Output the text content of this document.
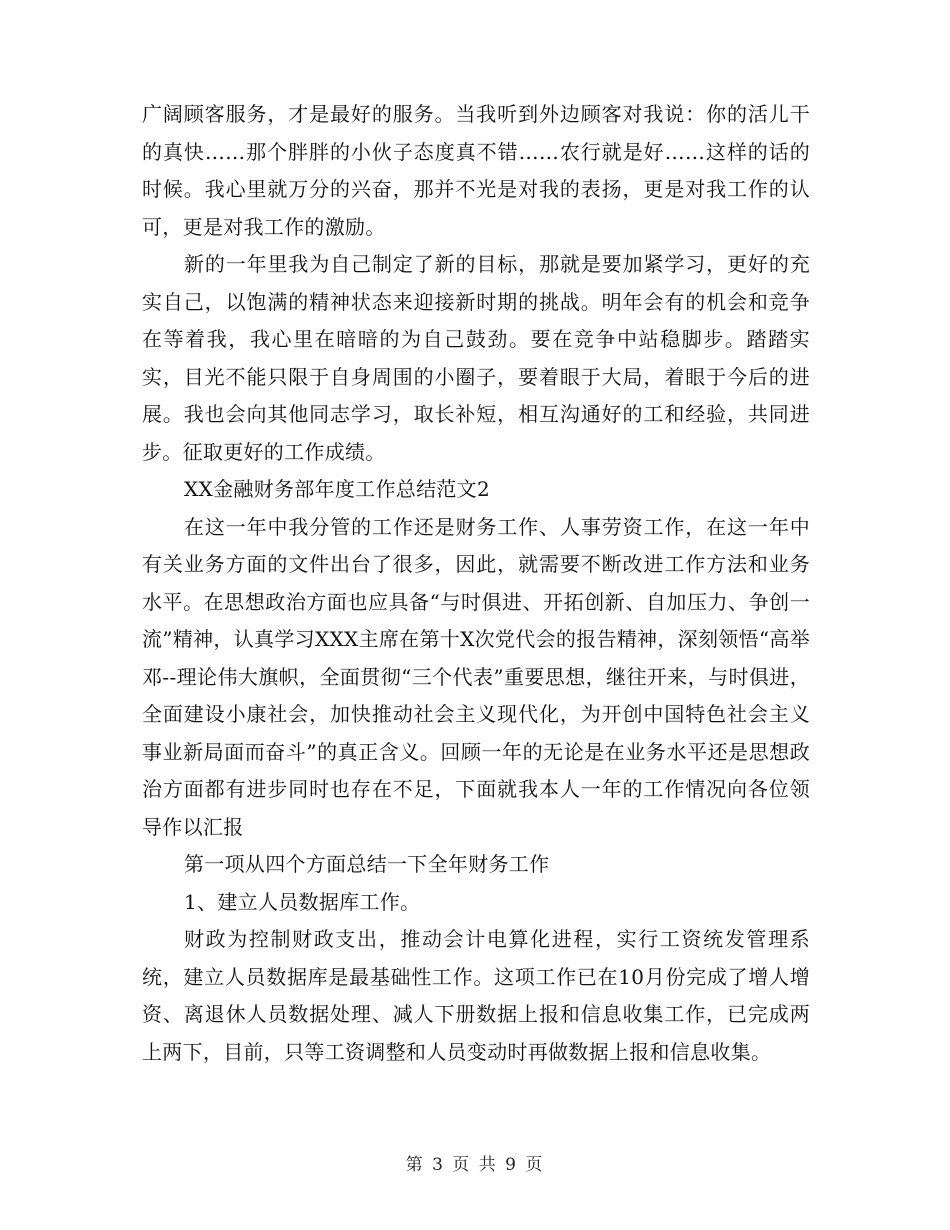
广阔顾客服务，才是最好的服务。当我听到外边顾客对我说：你的活儿干的真快……那个胖胖的小伙子态度真不错……农行就是好……这样的话的时候。我心里就万分的兴奋，那并不光是对我的表扬，更是对我工作的认可，更是对我工作的激励。

新的一年里我为自己制定了新的目标，那就是要加紧学习，更好的充实自己，以饱满的精神状态来迎接新时期的挑战。明年会有的机会和竞争在等着我，我心里在暗暗的为自己鼓劲。要在竞争中站稳脚步。踏踏实实，目光不能只限于自身周围的小圈子，要着眼于大局，着眼于今后的进展。我也会向其他同志学习，取长补短，相互沟通好的工和经验，共同进步。征取更好的工作成绩。

XX金融财务部年度工作总结范文2

在这一年中我分管的工作还是财务工作、人事劳资工作，在这一年中有关业务方面的文件出台了很多，因此，就需要不断改进工作方法和业务水平。在思想政治方面也应具备“与时俱进、开拓创新、自加压力、争创一流”精神，认真学习XXX主席在第十X次党代会的报告精神，深刻领悟“高举邓--理论伟大旗帜，全面贯彻“三个代表”重要思想，继往开来，与时俱进，全面建设小康社会，加快推动社会主义现代化，为开创中国特色社会主义事业新局面而奋斗”的真正含义。回顾一年的无论是在业务水平还是思想政治方面都有进步同时也存在不足，下面就我本人一年的工作情况向各位领导作以汇报

第一项从四个方面总结一下全年财务工作

1、建立人员数据库工作。

财政为控制财政支出，推动会计电算化进程，实行工资统发管理系统，建立人员数据库是最基础性工作。这项工作已在10月份完成了增人增资、离退休人员数据处理、减人下册数据上报和信息收集工作，已完成两上两下，目前，只等工资调整和人员变动时再做数据上报和信息收集。

第 3 页 共 9 页
